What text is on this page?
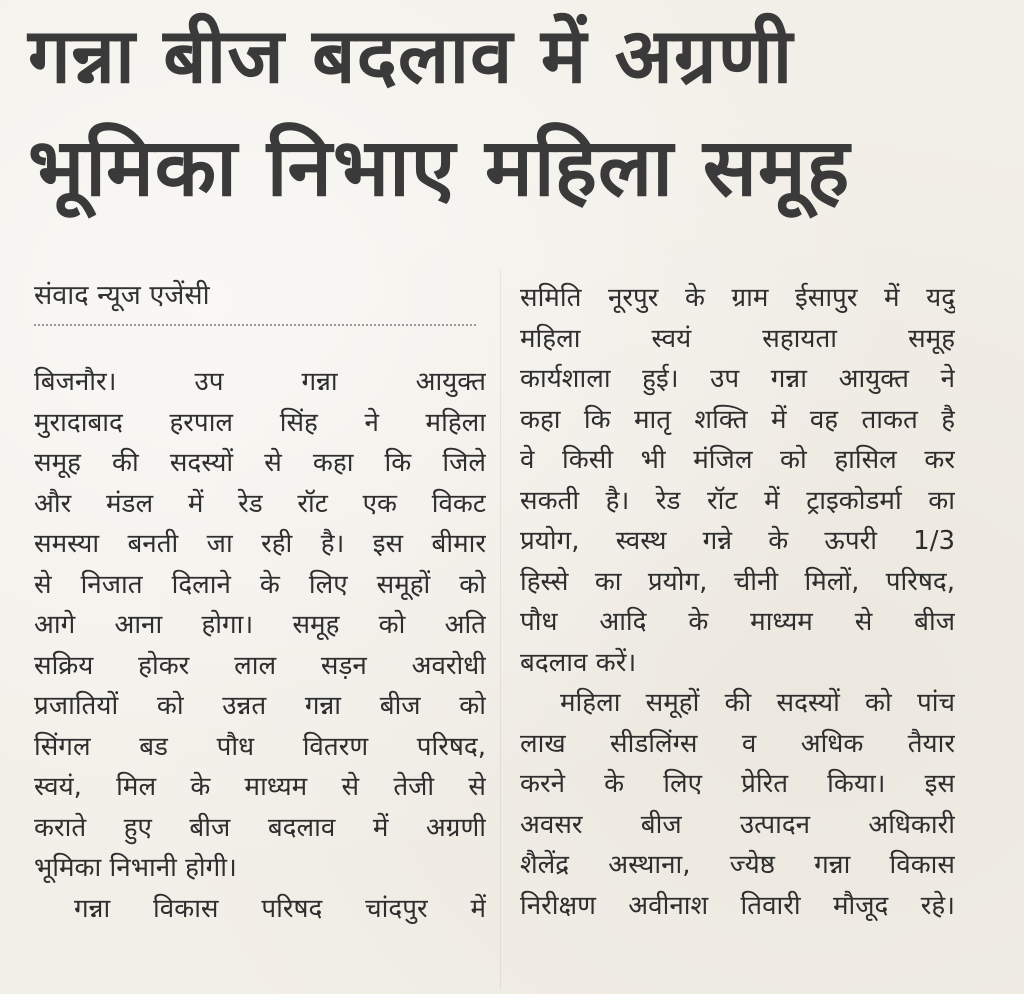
गन्ना बीज बदलाव में अग्रणी
भूमिका निभाए महिला समूह
संवाद न्यूज एजेंसी
बिजनौर। उप गन्ना आयुक्त
मुरादाबाद हरपाल सिंह ने महिला
समूह की सदस्यों से कहा कि जिले
और मंडल में रेड रॉट एक विकट
समस्या बनती जा रही है। इस बीमार
से निजात दिलाने के लिए समूहों को
आगे आना होगा। समूह को अति
सक्रिय होकर लाल सड़न अवरोधी
प्रजातियों को उन्नत गन्ना बीज को
सिंगल बड पौध वितरण परिषद,
स्वयं, मिल के माध्यम से तेजी से
कराते हुए बीज बदलाव में अग्रणी
भूमिका निभानी होगी।
गन्ना विकास परिषद चांदपुर में
समिति नूरपुर के ग्राम ईसापुर में यदु
महिला स्वयं सहायता समूह
कार्यशाला हुई। उप गन्ना आयुक्त ने
कहा कि मातृ शक्ति में वह ताकत है
वे किसी भी मंजिल को हासिल कर
सकती है। रेड रॉट में ट्राइकोडर्मा का
प्रयोग, स्वस्थ गन्ने के ऊपरी 1/3
हिस्से का प्रयोग, चीनी मिलों, परिषद,
पौध आदि के माध्यम से बीज
बदलाव करें।
महिला समूहों की सदस्यों को पांच
लाख सीडलिंग्स व अधिक तैयार
करने के लिए प्रेरित किया। इस
अवसर बीज उत्पादन अधिकारी
शैलेंद्र अस्थाना, ज्येष्ठ गन्ना विकास
निरीक्षण अवीनाश तिवारी मौजूद रहे।
